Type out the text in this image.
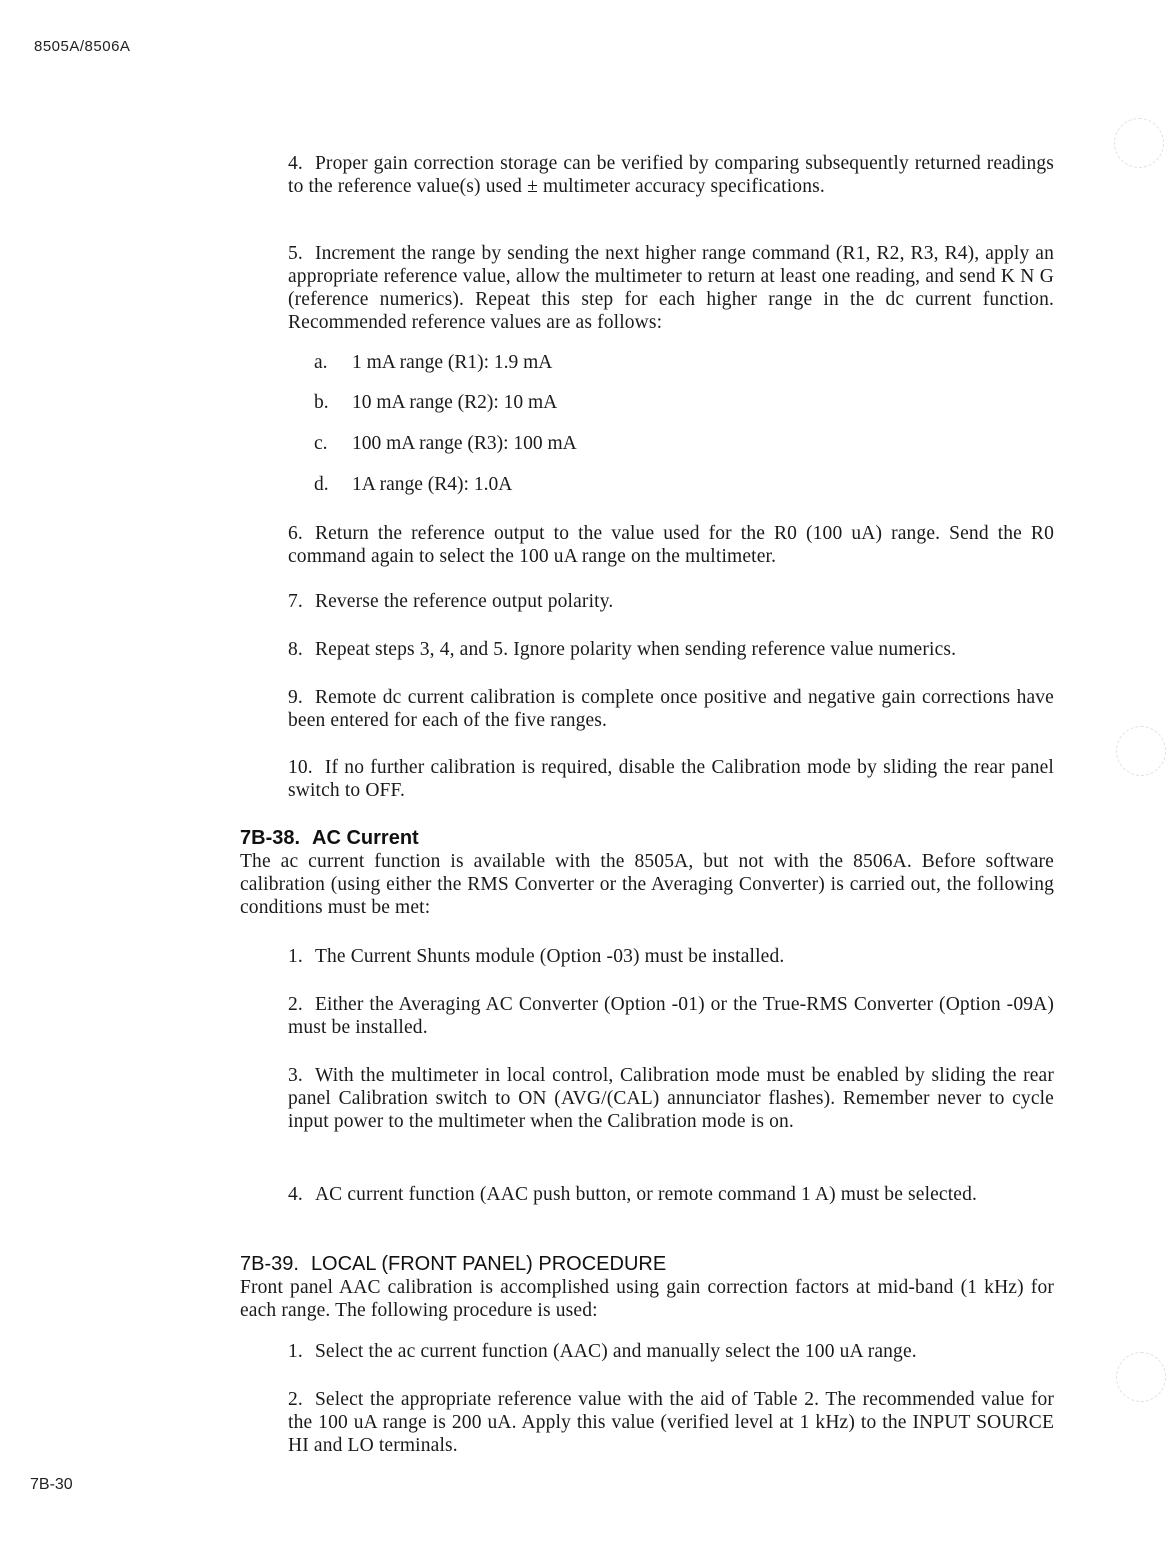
8505A/8506A
4. Proper gain correction storage can be verified by comparing subsequently returned readings to the reference value(s) used ± multimeter accuracy specifications.
5. Increment the range by sending the next higher range command (R1, R2, R3, R4), apply an appropriate reference value, allow the multimeter to return at least one reading, and send K N G (reference numerics). Repeat this step for each higher range in the dc current function. Recommended reference values are as follows:
a. 1 mA range (R1): 1.9 mA
b. 10 mA range (R2): 10 mA
c. 100 mA range (R3): 100 mA
d. 1A range (R4): 1.0A
6. Return the reference output to the value used for the R0 (100 uA) range. Send the R0 command again to select the 100 uA range on the multimeter.
7. Reverse the reference output polarity.
8. Repeat steps 3, 4, and 5. Ignore polarity when sending reference value numerics.
9. Remote dc current calibration is complete once positive and negative gain corrections have been entered for each of the five ranges.
10. If no further calibration is required, disable the Calibration mode by sliding the rear panel switch to OFF.
7B-38. AC Current
The ac current function is available with the 8505A, but not with the 8506A. Before software calibration (using either the RMS Converter or the Averaging Converter) is carried out, the following conditions must be met:
1. The Current Shunts module (Option -03) must be installed.
2. Either the Averaging AC Converter (Option -01) or the True-RMS Converter (Option -09A) must be installed.
3. With the multimeter in local control, Calibration mode must be enabled by sliding the rear panel Calibration switch to ON (AVG/(CAL) annunciator flashes). Remember never to cycle input power to the multimeter when the Calibration mode is on.
4. AC current function (AAC push button, or remote command 1 A) must be selected.
7B-39. LOCAL (FRONT PANEL) PROCEDURE
Front panel AAC calibration is accomplished using gain correction factors at mid-band (1 kHz) for each range. The following procedure is used:
1. Select the ac current function (AAC) and manually select the 100 uA range.
2. Select the appropriate reference value with the aid of Table 2. The recommended value for the 100 uA range is 200 uA. Apply this value (verified level at 1 kHz) to the INPUT SOURCE HI and LO terminals.
7B-30
